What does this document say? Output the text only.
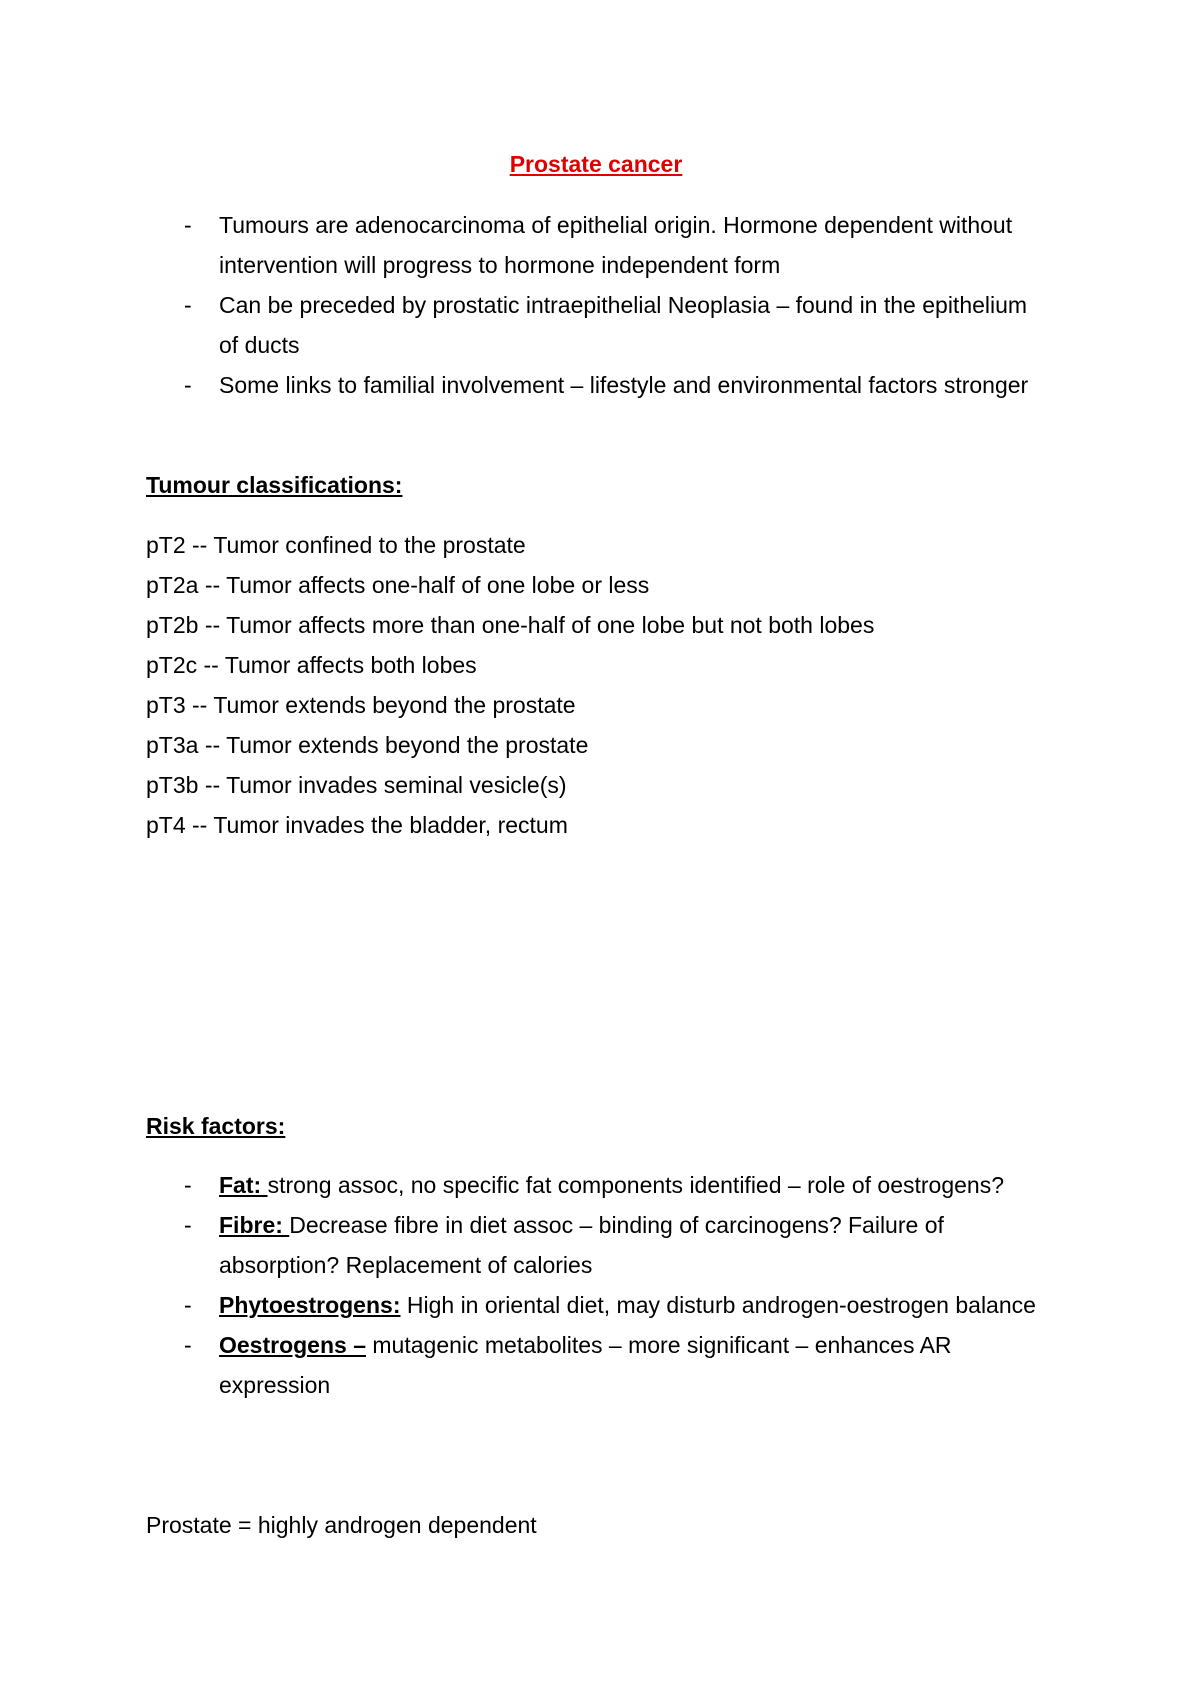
Prostate cancer
- Tumours are adenocarcinoma of epithelial origin. Hormone dependent without intervention will progress to hormone independent form
- Can be preceded by prostatic intraepithelial Neoplasia – found in the epithelium of ducts
- Some links to familial involvement – lifestyle and environmental factors stronger
Tumour classifications:
pT2 -- Tumor confined to the prostate
pT2a -- Tumor affects one-half of one lobe or less
pT2b -- Tumor affects more than one-half of one lobe but not both lobes
pT2c -- Tumor affects both lobes
pT3 -- Tumor extends beyond the prostate
pT3a -- Tumor extends beyond the prostate
pT3b -- Tumor invades seminal vesicle(s)
pT4 -- Tumor invades the bladder, rectum
Risk factors:
- Fat: strong assoc, no specific fat components identified – role of oestrogens?
- Fibre: Decrease fibre in diet assoc – binding of carcinogens? Failure of absorption? Replacement of calories
- Phytoestrogens: High in oriental diet, may disturb androgen-oestrogen balance
- Oestrogens – mutagenic metabolites – more significant – enhances AR expression

Prostate = highly androgen dependent
